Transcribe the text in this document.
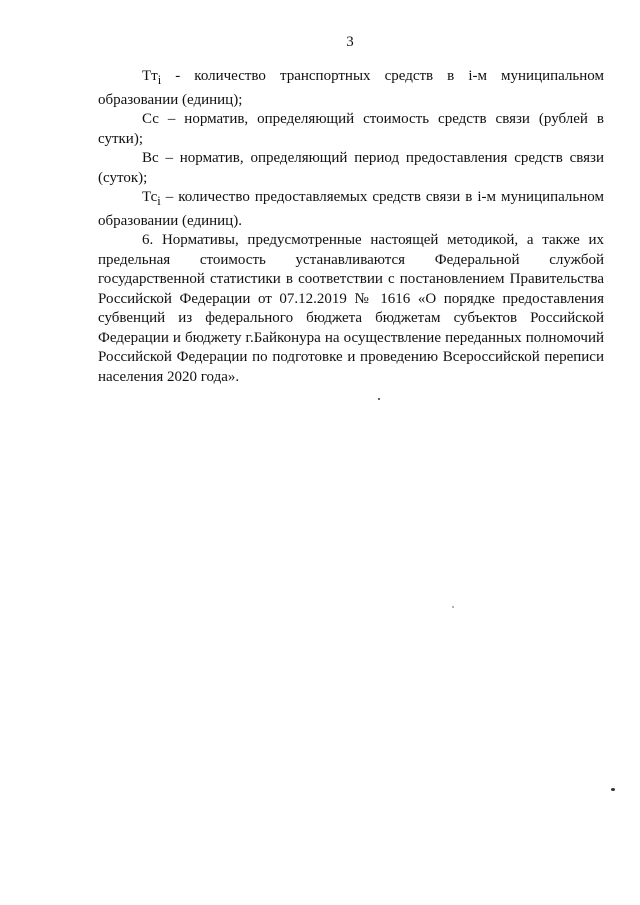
3

$Тт_i$ - количество транспортных средств в i-м муниципальном образовании (единиц);

Сс – норматив, определяющий стоимость средств связи (рублей в сутки);

Вс – норматив, определяющий период предоставления средств связи (суток);

$Тс_i$ – количество предоставляемых средств связи в i-м муниципальном образовании (единиц).

6. Нормативы, предусмотренные настоящей методикой, а также их предельная стоимость устанавливаются Федеральной службой государственной статистики в соответствии с постановлением Правительства Российской Федерации от 07.12.2019 № 1616 «О порядке предоставления субвенций из федерального бюджета бюджетам субъектов Российской Федерации и бюджету г.Байконура на осуществление переданных полномочий Российской Федерации по подготовке и проведению Всероссийской переписи населения 2020 года».
